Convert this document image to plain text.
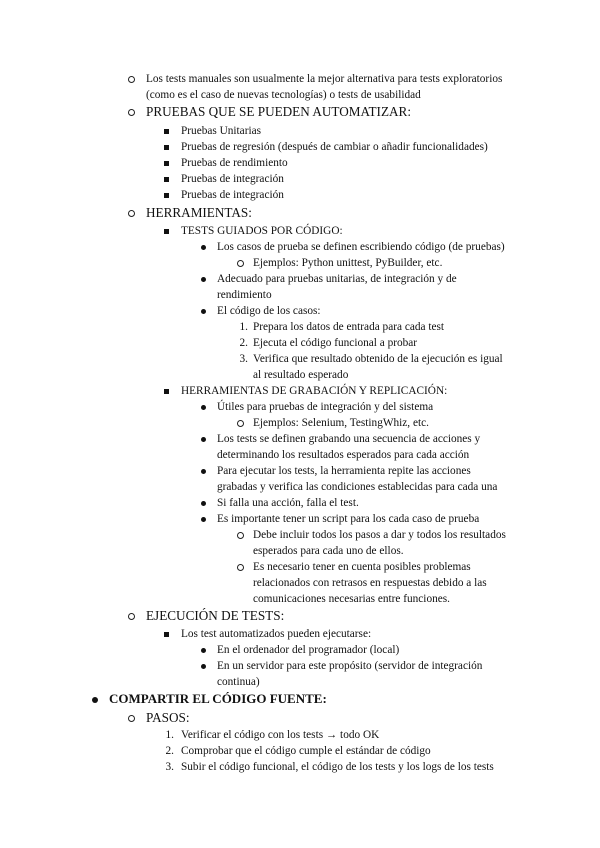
Los tests manuales son usualmente la mejor alternativa para tests exploratorios
(como es el caso de nuevas tecnologías) o tests de usabilidad
PRUEBAS QUE SE PUEDEN AUTOMATIZAR:
Pruebas Unitarias
Pruebas de regresión (después de cambiar o añadir funcionalidades)
Pruebas de rendimiento
Pruebas de integración
Pruebas de integración
HERRAMIENTAS:
TESTS GUIADOS POR CÓDIGO:
Los casos de prueba se definen escribiendo código (de pruebas)
Ejemplos: Python unittest, PyBuilder, etc.
Adecuado para pruebas unitarias, de integración y de
rendimiento
El código de los casos:
1. Prepara los datos de entrada para cada test
2. Ejecuta el código funcional a probar
3. Verifica que resultado obtenido de la ejecución es igual
al resultado esperado
HERRAMIENTAS DE GRABACIÓN Y REPLICACIÓN:
Útiles para pruebas de integración y del sistema
Ejemplos: Selenium, TestingWhiz, etc.
Los tests se definen grabando una secuencia de acciones y
determinando los resultados esperados para cada acción
Para ejecutar los tests, la herramienta repite las acciones
grabadas y verifica las condiciones establecidas para cada una
Si falla una acción, falla el test.
Es importante tener un script para los cada caso de prueba
Debe incluir todos los pasos a dar y todos los resultados
esperados para cada uno de ellos.
Es necesario tener en cuenta posibles problemas
relacionados con retrasos en respuestas debido a las
comunicaciones necesarias entre funciones.
EJECUCIÓN DE TESTS:
Los test automatizados pueden ejecutarse:
En el ordenador del programador (local)
En un servidor para este propósito (servidor de integración
continua)
COMPARTIR EL CÓDIGO FUENTE:
PASOS:
1. Verificar el código con los tests → todo OK
2. Comprobar que el código cumple el estándar de código
3. Subir el código funcional, el código de los tests y los logs de los tests
